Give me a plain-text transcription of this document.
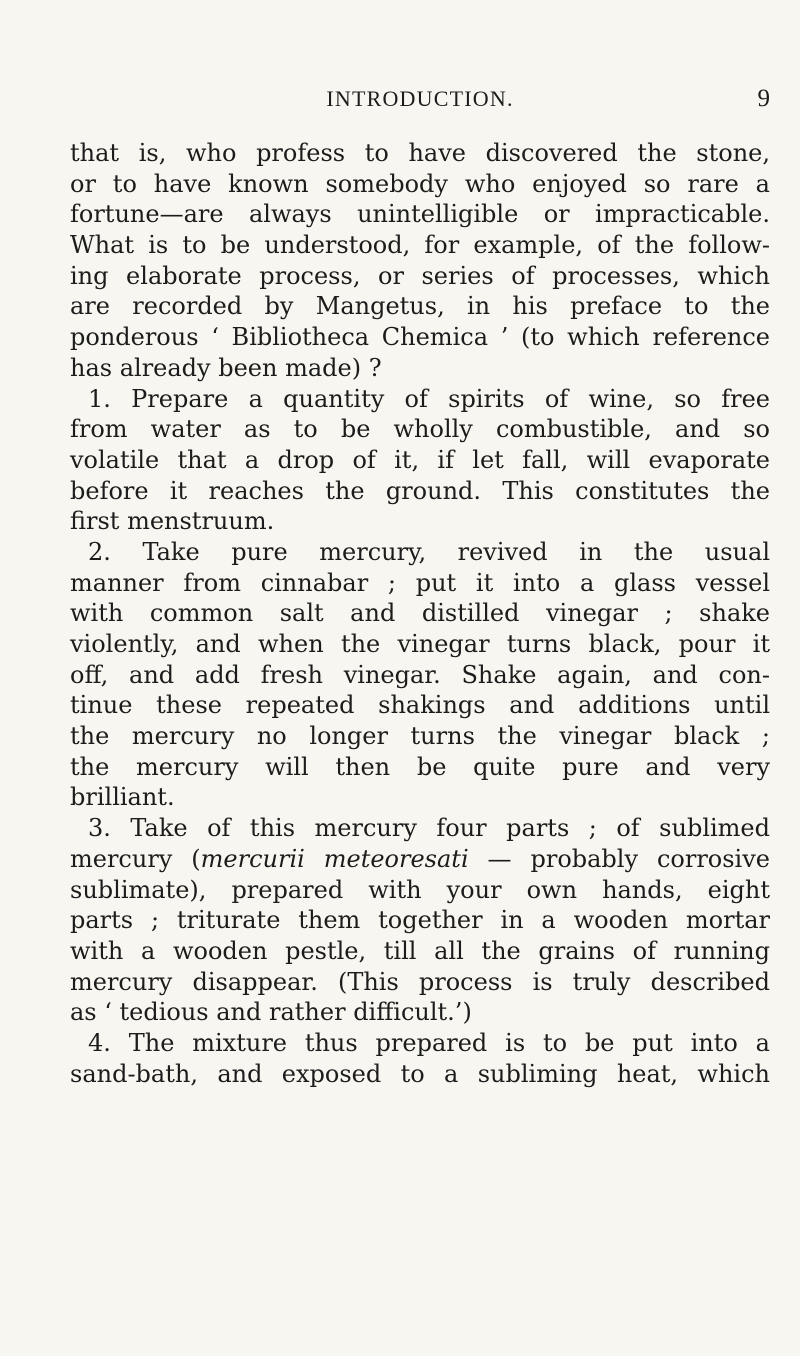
INTRODUCTION.	9
that is, who profess to have discovered the stone,
or to have known somebody who enjoyed so rare a
fortune—are always unintelligible or impracticable.
What is to be understood, for example, of the follow-
ing elaborate process, or series of processes, which
are recorded by Mangetus, in his preface to the
ponderous ‘ Bibliotheca Chemica ’ (to which reference
has already been made) ?
1. Prepare a quantity of spirits of wine, so free
from water as to be wholly combustible, and so
volatile that a drop of it, if let fall, will evaporate
before it reaches the ground. This constitutes the
first menstruum.
2. Take pure mercury, revived in the usual
manner from cinnabar ; put it into a glass vessel
with common salt and distilled vinegar ; shake
violently, and when the vinegar turns black, pour it
off, and add fresh vinegar. Shake again, and con-
tinue these repeated shakings and additions until
the mercury no longer turns the vinegar black ;
the mercury will then be quite pure and very
brilliant.
3. Take of this mercury four parts ; of sublimed
mercury (mercurii meteoresati — probably corrosive
sublimate), prepared with your own hands, eight
parts ; triturate them together in a wooden mortar
with a wooden pestle, till all the grains of running
mercury disappear. (This process is truly described
as ‘ tedious and rather difficult.’)
4. The mixture thus prepared is to be put into a
sand-bath, and exposed to a subliming heat, which
